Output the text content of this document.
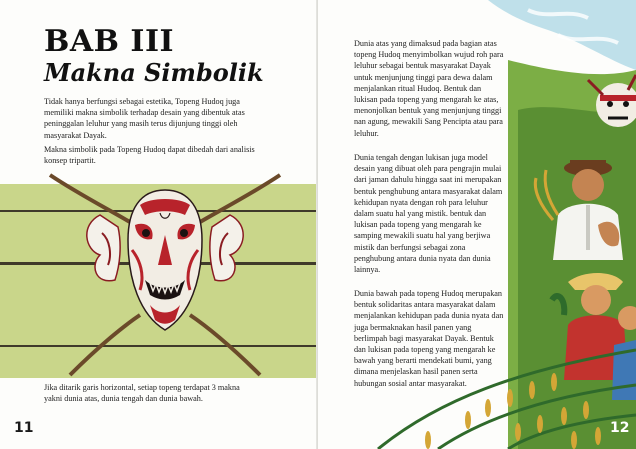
BAB III
Makna Simbolik

Tidak hanya berfungsi sebagai estetika, Topeng Hudoq juga memiliki makna simbolik terhadap desain yang dibentuk atas peninggalan leluhur yang masih terus dijunjung tinggi oleh masyarakat Dayak.

Makna simbolik pada Topeng Hudoq dapat dibedah dari analisis konsep tripartit.

Jika ditarik garis horizontal, setiap topeng terdapat 3 makna yakni dunia atas, dunia tengah dan dunia bawah.

11

Dunia atas yang dimaksud pada bagian atas topeng Hudoq menyimbolkan wujud roh para leluhur sebagai bentuk masyarakat Dayak untuk menjunjung tinggi para dewa dalam menjalankan ritual Hudoq. Bentuk dan lukisan pada topeng yang mengarah ke atas, menonjolkan bentuk yang menjunjung tinggi nan agung, mewakili Sang Pencipta atau para leluhur.

Dunia tengah dengan lukisan juga model desain yang dibuat oleh para pengrajin mulai dari jaman dahulu hingga saat ini merupakan bentuk penghubung antara masyarakat dalam kehidupan nyata dengan roh para leluhur dalam suatu hal yang mistik. bentuk dan lukisan pada topeng yang mengarah ke samping mewakili suatu hal yang berjiwa mistik dan berfungsi sebagai zona penghubung antara dunia nyata dan dunia lainnya.

Dunia bawah pada topeng Hudoq merupakan bentuk solidaritas antara masyarakat dalam menjalankan kehidupan pada dunia nyata dan juga bermaknakan hasil panen yang berlimpah bagi masyarakat Dayak. Bentuk dan lukisan pada topeng yang mengarah ke bawah yang berarti mendekati bumi, yang dimana menjelaskan hasil panen serta hubungan sosial antar masyarakat.

12
